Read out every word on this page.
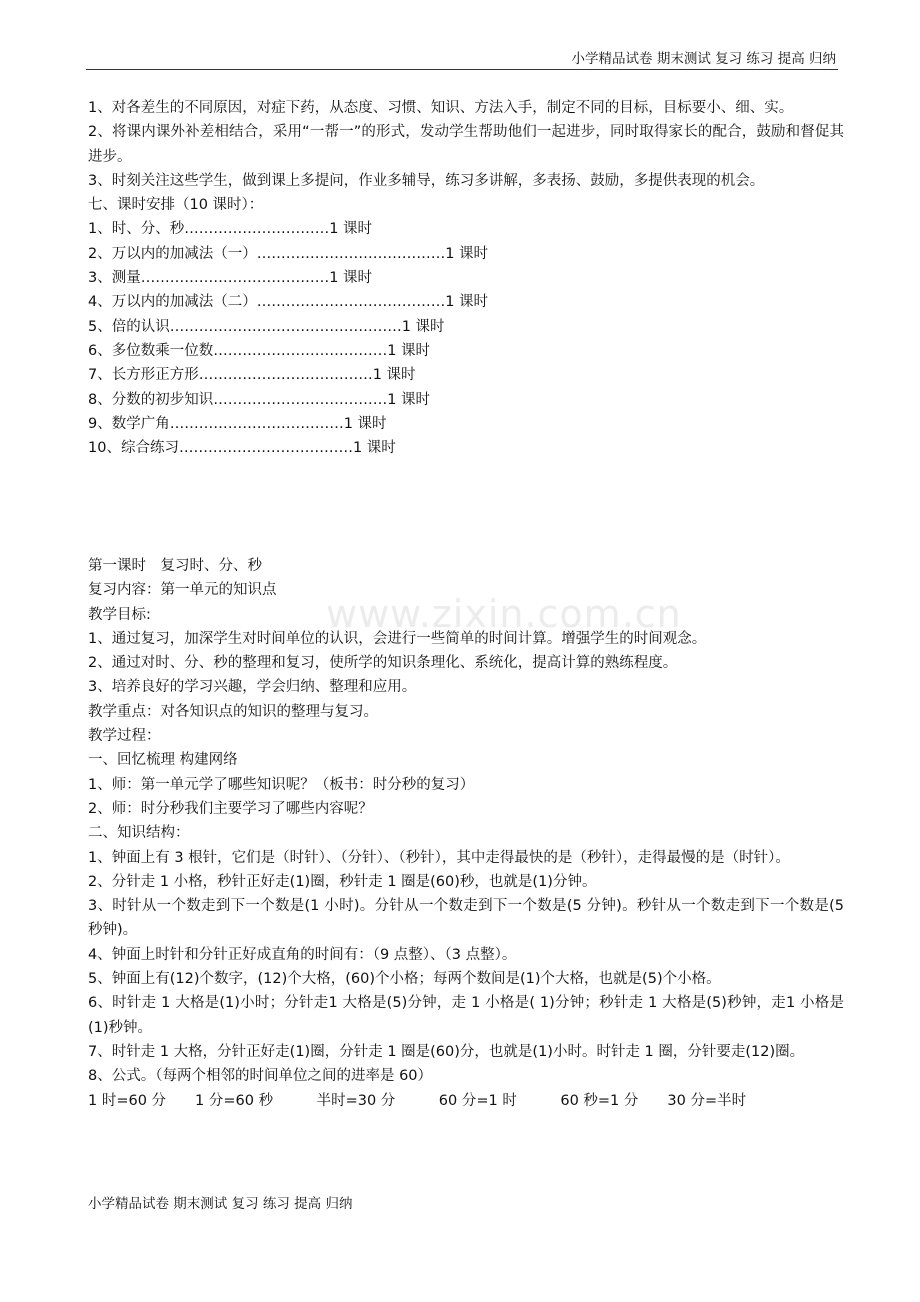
小学精品试卷 期末测试 复习 练习 提高 归纳
www.zixin.com.cn
1、对各差生的不同原因，对症下药，从态度、习惯、知识、方法入手，制定不同的目标，目标要小、细、实。
2、将课内课外补差相结合，采用“一帮一”的形式，发动学生帮助他们一起进步，同时取得家长的配合，鼓励和督促其进步。
3、时刻关注这些学生，做到课上多提问，作业多辅导，练习多讲解，多表扬、鼓励，多提供表现的机会。
七、课时安排（10 课时）：
1、时、分、秒…………………………1 课时
2、万以内的加减法（一）…………………………………1 课时
3、测量…………………………………1 课时
4、万以内的加减法（二）…………………………………1 课时
5、倍的认识…………………………………………1 课时
6、多位数乘一位数………………………………1 课时
7、长方形正方形………………………………1 课时
8、分数的初步知识………………………………1 课时
9、数学广角………………………………1 课时
10、综合练习………………………………1 课时
第一课时　复习时、分、秒
复习内容：第一单元的知识点
教学目标:
1、通过复习，加深学生对时间单位的认识，会进行一些简单的时间计算。增强学生的时间观念。
2、通过对时、分、秒的整理和复习，使所学的知识条理化、系统化，提高计算的熟练程度。
3、培养良好的学习兴趣，学会归纳、整理和应用。
教学重点：对各知识点的知识的整理与复习。
教学过程：
一、回忆梳理 构建网络
1、师：第一单元学了哪些知识呢？（板书：时分秒的复习）
2、师：时分秒我们主要学习了哪些内容呢？
二、知识结构：
1、钟面上有 3 根针，它们是（时针）、（分针）、（秒针），其中走得最快的是（秒针），走得最慢的是（时针）。
2、分针走 1 小格，秒针正好走(1)圈，秒针走 1 圈是(60)秒，也就是(1)分钟。
3、时针从一个数走到下一个数是(1 小时)。分针从一个数走到下一个数是(5 分钟)。秒针从一个数走到下一个数是(5 秒钟)。
4、钟面上时针和分针正好成直角的时间有：（9 点整）、（3 点整）。
5、钟面上有(12)个数字，(12)个大格，(60)个小格；每两个数间是(1)个大格，也就是(5)个小格。
6、时针走 1 大格是(1)小时；分针走1 大格是(5)分钟，走 1 小格是( 1)分钟；秒针走 1 大格是(5)秒钟，走1 小格是(1)秒钟。
7、时针走 1 大格，分针正好走(1)圈，分针走 1 圈是(60)分，也就是(1)小时。时针走 1 圈，分针要走(12)圈。
8、公式。（每两个相邻的时间单位之间的进率是 60）
1 时=60 分　　1 分=60 秒　　　半时=30 分　　　60 分=1 时　　　60 秒=1 分　　30 分=半时
小学精品试卷 期末测试 复习 练习 提高 归纳
